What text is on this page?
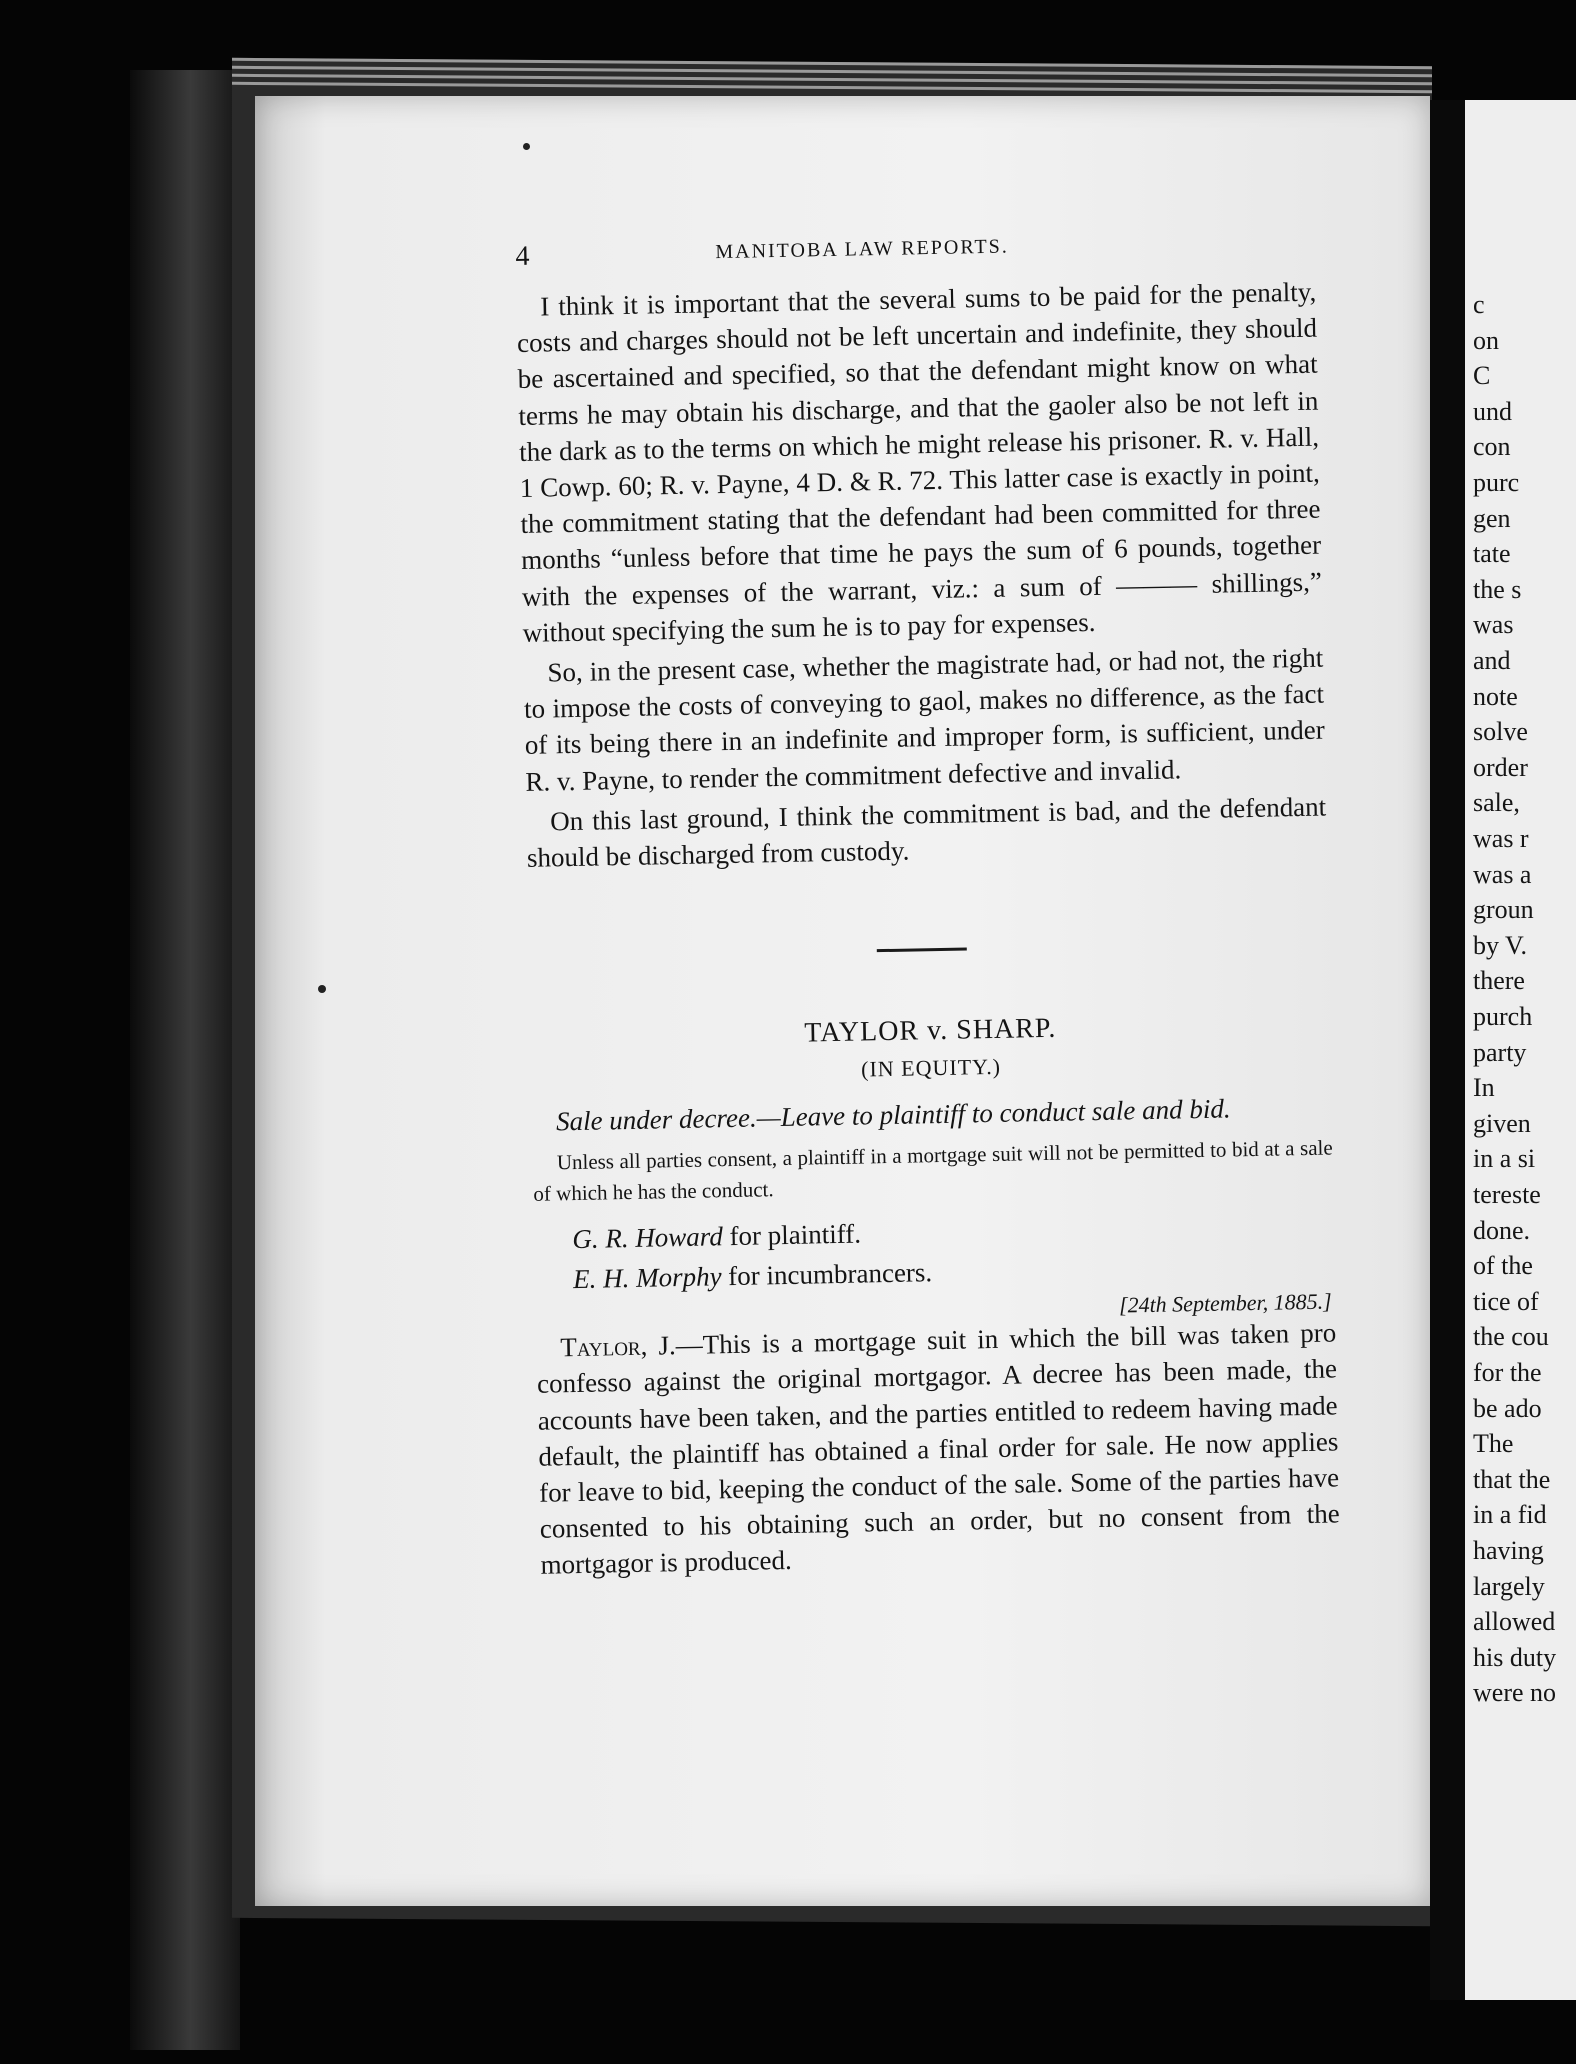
c
on
C
und
con
purc
gen
tate
the s
was
and
note
solve
order
sale,
was r
was a
groun
by V.
there
purch
party
In
given
in a si
tereste
done.
of the
tice of
the cou
for the
be ado
The
that the
in a fid
having
largely
allowed
his duty
were no
4	MANITOBA LAW REPORTS.

I think it is important that the several sums to be paid for the penalty, costs and charges should not be left uncertain and indefinite, they should be ascertained and specified, so that the defendant might know on what terms he may obtain his discharge, and that the gaoler also be not left in the dark as to the terms on which he might release his prisoner. R. v. Hall, 1 Cowp. 60; R. v. Payne, 4 D. & R. 72. This latter case is exactly in point, the commitment stating that the defendant had been committed for three months “unless before that time he pays the sum of 6 pounds, together with the expenses of the warrant, viz.: a sum of ——— shillings,” without specifying the sum he is to pay for expenses.

So, in the present case, whether the magistrate had, or had not, the right to impose the costs of conveying to gaol, makes no difference, as the fact of its being there in an indefinite and improper form, is sufficient, under R. v. Payne, to render the commitment defective and invalid.

On this last ground, I think the commitment is bad, and the defendant should be discharged from custody.

TAYLOR v. SHARP.
(IN EQUITY.)
Sale under decree.—Leave to plaintiff to conduct sale and bid.
Unless all parties consent, a plaintiff in a mortgage suit will not be permitted to bid at a sale of which he has the conduct.
G. R. Howard for plaintiff.
E. H. Morphy for incumbrancers.
[24th September, 1885.]

Taylor, J.—This is a mortgage suit in which the bill was taken pro confesso against the original mortgagor. A decree has been made, the accounts have been taken, and the parties entitled to redeem having made default, the plaintiff has obtained a final order for sale. He now applies for leave to bid, keeping the conduct of the sale. Some of the parties have consented to his obtaining such an order, but no consent from the mortgagor is produced.
